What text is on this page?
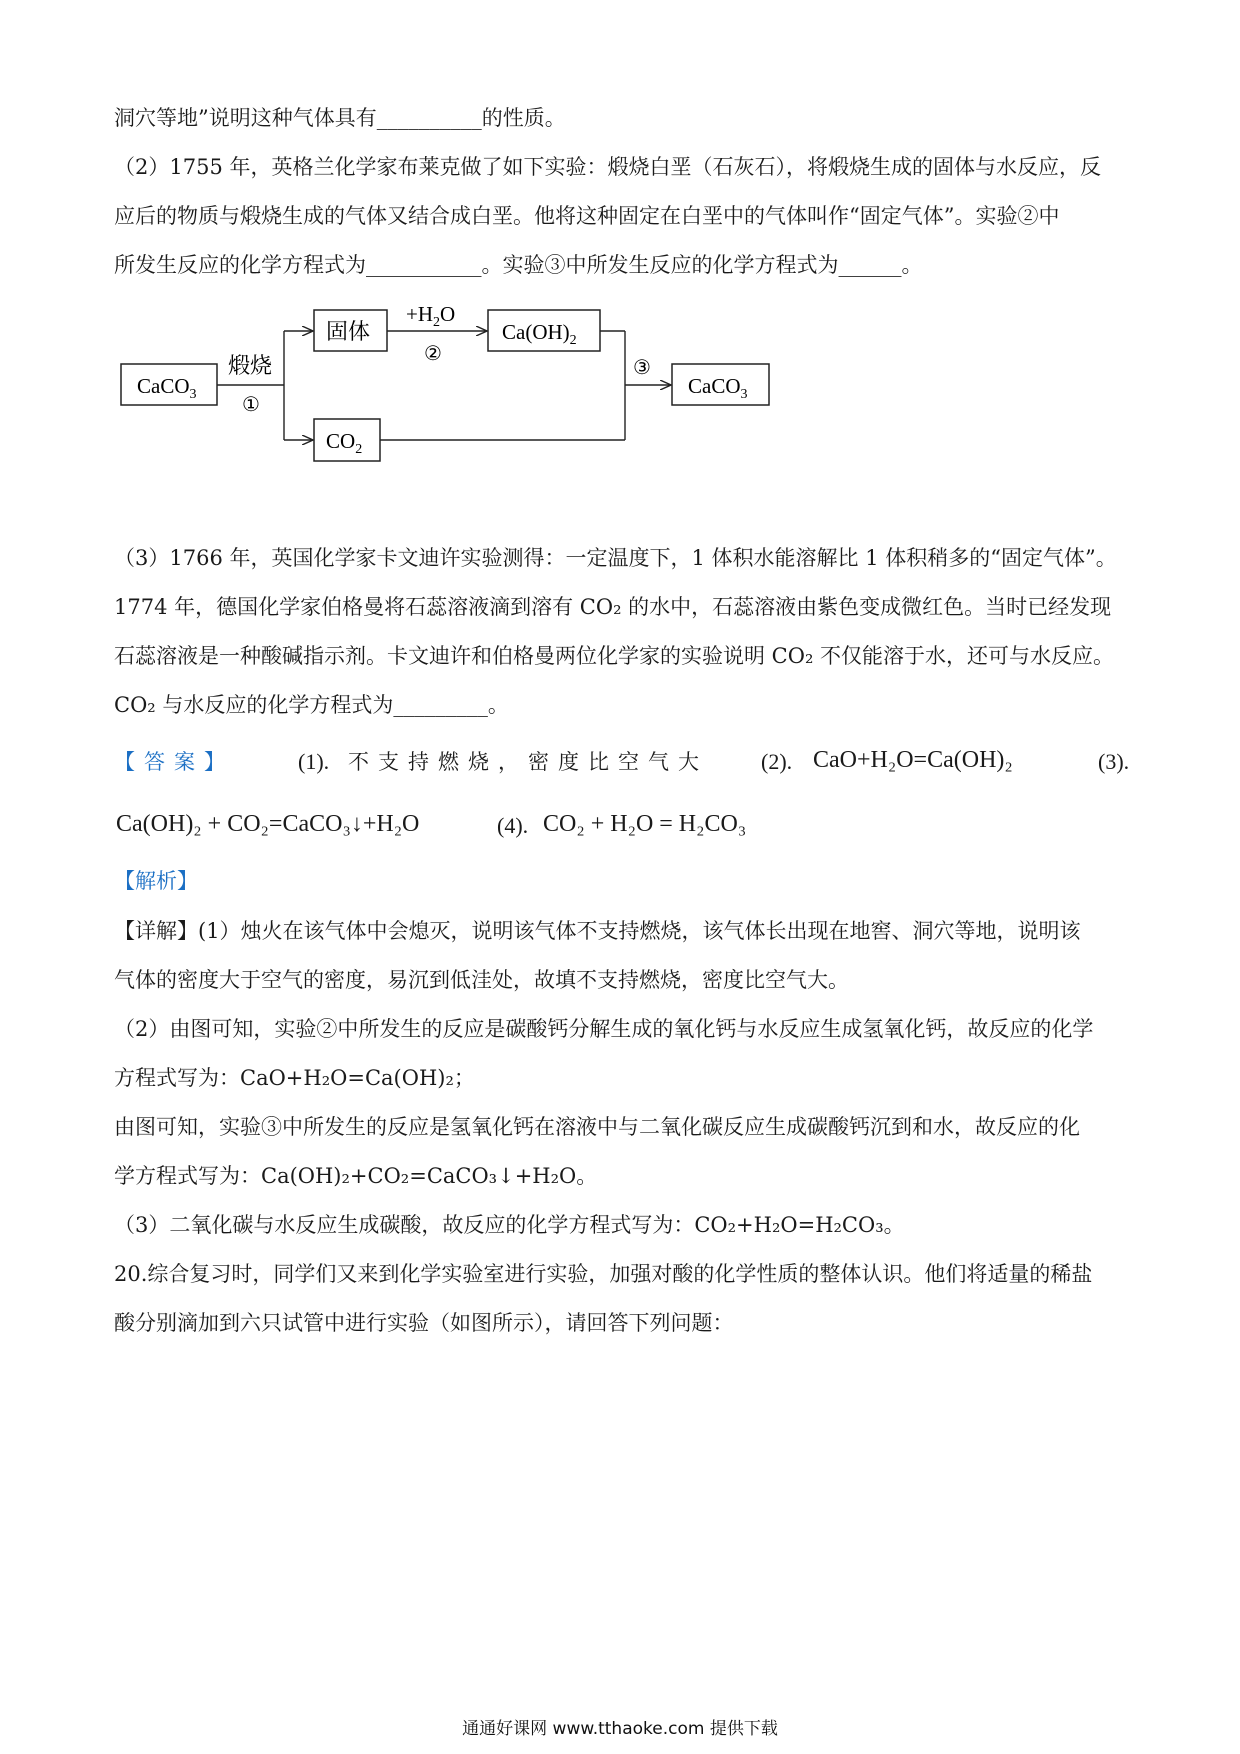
洞穴等地”说明这种气体具有__________的性质。
（2）1755 年，英格兰化学家布莱克做了如下实验：煅烧白垩（石灰石），将煅烧生成的固体与水反应，反
应后的物质与煅烧生成的气体又结合成白垩。他将这种固定在白垩中的气体叫作“固定气体”。实验②中
所发生反应的化学方程式为___________。实验③中所发生反应的化学方程式为______。
CaCO$_3$
煅烧
①
固体
$+H_2O$
②
$Ca(OH)_2$
$CO_2$
③
CaCO$_3$
（3）1766 年，英国化学家卡文迪许实验测得：一定温度下，1 体积水能溶解比 1 体积稍多的“固定气体”。
1774 年，德国化学家伯格曼将石蕊溶液滴到溶有 CO₂ 的水中，石蕊溶液由紫色变成微红色。当时已经发现
石蕊溶液是一种酸碱指示剂。卡文迪许和伯格曼两位化学家的实验说明 CO₂ 不仅能溶于水，还可与水反应。
CO₂ 与水反应的化学方程式为_________。
【答案】	(1). 不支持燃烧，密度比空气大 (2). CaO+H₂O=Ca(OH)₂	(3).
Ca(OH)₂ + CO₂=CaCO₃↓+H₂O	(4). CO₂ + H₂O = H₂CO₃
【解析】
【详解】(1）烛火在该气体中会熄灭，说明该气体不支持燃烧，该气体长出现在地窖、洞穴等地，说明该
气体的密度大于空气的密度，易沉到低洼处，故填不支持燃烧，密度比空气大。
（2）由图可知，实验②中所发生的反应是碳酸钙分解生成的氧化钙与水反应生成氢氧化钙，故反应的化学
方程式写为：CaO+H₂O=Ca(OH)₂；
由图可知，实验③中所发生的反应是氢氧化钙在溶液中与二氧化碳反应生成碳酸钙沉到和水，故反应的化
学方程式写为：Ca(OH)₂+CO₂=CaCO₃↓+H₂O。
（3）二氧化碳与水反应生成碳酸，故反应的化学方程式写为：CO₂+H₂O=H₂CO₃。
20.综合复习时，同学们又来到化学实验室进行实验，加强对酸的化学性质的整体认识。他们将适量的稀盐
酸分别滴加到六只试管中进行实验（如图所示），请回答下列问题：
通通好课网 www.tthaoke.com 提供下载
